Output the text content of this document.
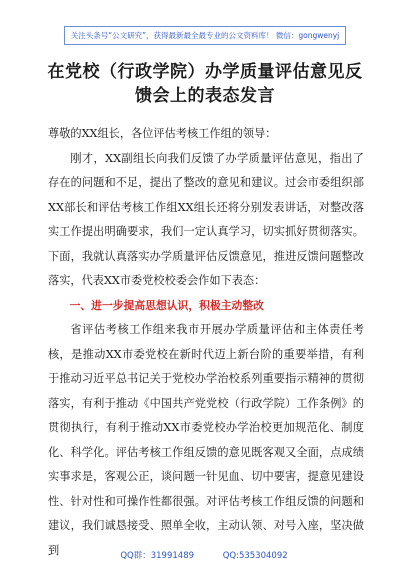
关注头条号“公文研究”，获得最新最全最专业的公文资料库！ 微信：gongwenyj
在党校（行政学院）办学质量评估意见反
馈会上的表态发言

尊敬的XX组长，各位评估考核工作组的领导：

刚才，XX副组长向我们反馈了办学质量评估意见，指出了存在的问题和不足，提出了整改的意见和建议。过会市委组织部XX部长和评估考核工作组XX组长还将分别发表讲话，对整改落实工作提出明确要求，我们一定认真学习，切实抓好贯彻落实。下面，我就认真落实办学质量评估反馈意见，推进反馈问题整改落实，代表XX市委党校校委会作如下表态：

一、进一步提高思想认识，积极主动整改

省评估考核工作组来我市开展办学质量评估和主体责任考核，是推动XX市委党校在新时代迈上新台阶的重要举措，有利于推动习近平总书记关于党校办学治校系列重要指示精神的贯彻落实，有利于推动《中国共产党党校（行政学院）工作条例》的贯彻执行，有利于推动XX市委党校办学治校更加规范化、制度化、科学化。评估考核工作组反馈的意见既客观又全面，点成绩实事求是，客观公正，谈问题一针见血、切中要害，提意见建设性、针对性和可操作性都很强。对评估考核工作组反馈的问题和建议，我们诚恳接受、照单全收，主动认领、对号入座，坚决做到	QQ群：31991489	QQ:535304092
